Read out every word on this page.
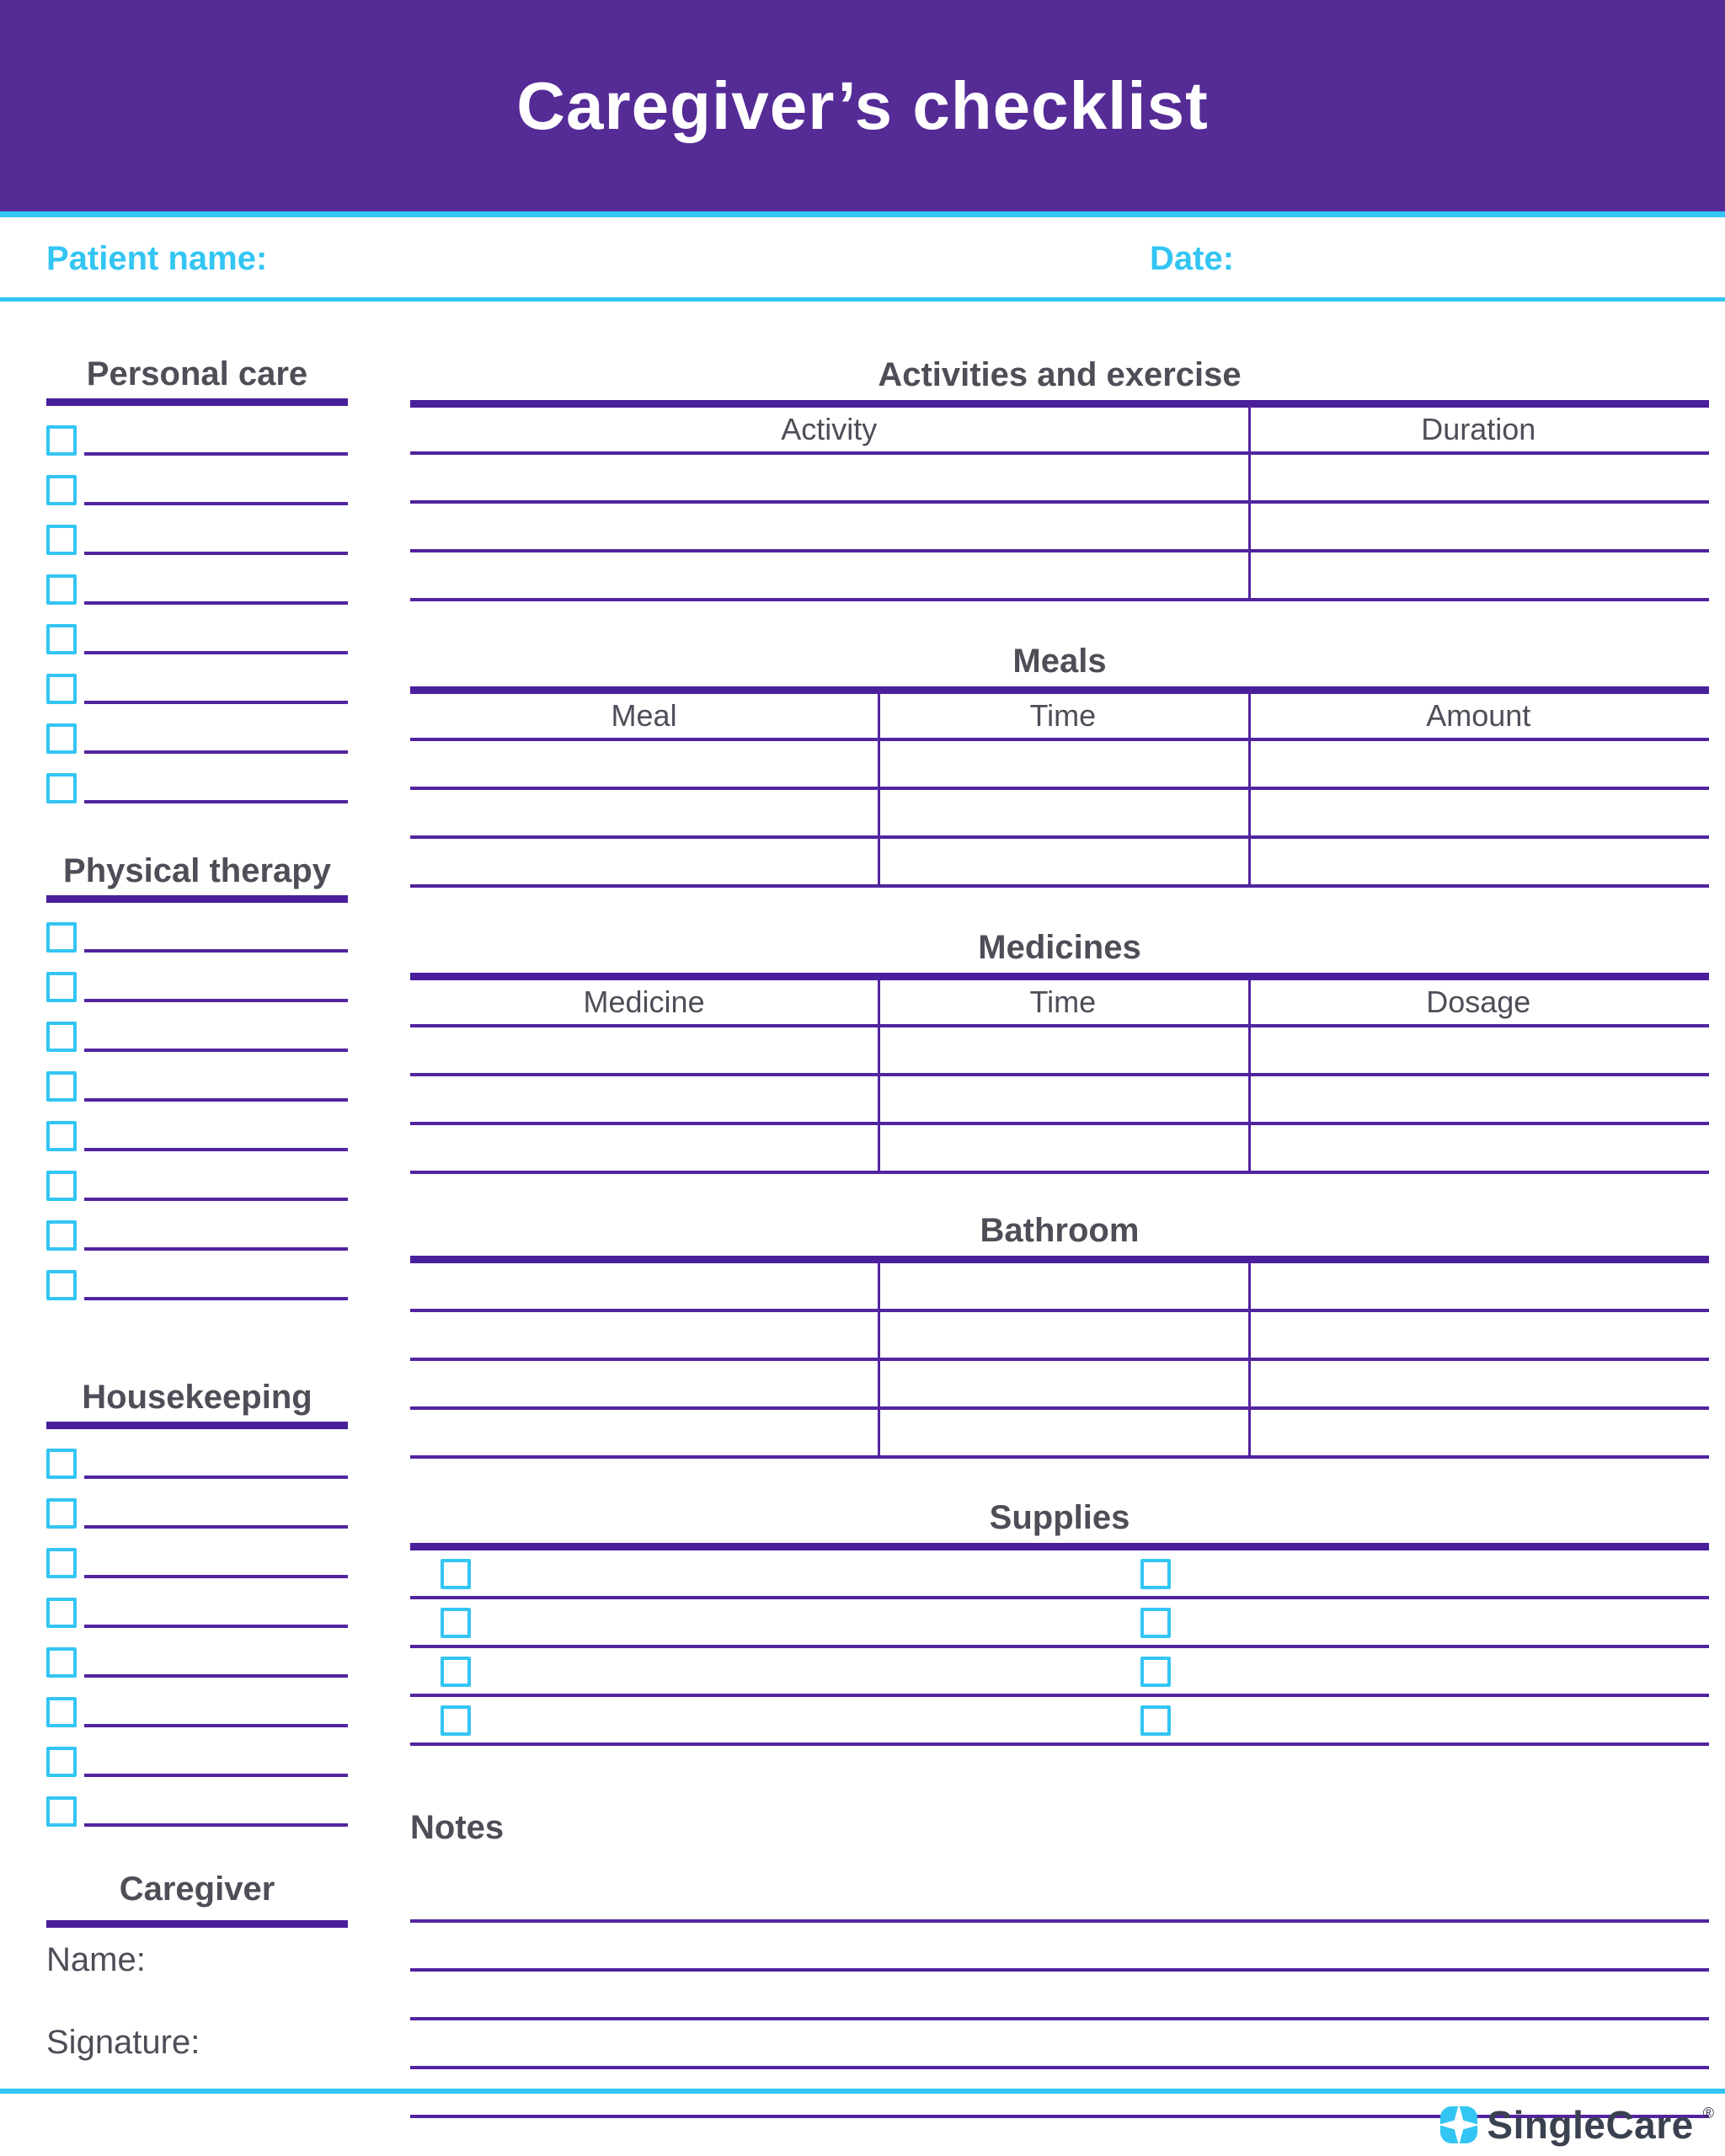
Caregiver’s checklist
Patient name:	Date:
Personal care
Physical therapy
Housekeeping
Caregiver
Name:
Signature:
Activities and exercise
Activity	Duration
Meals
Meal	Time	Amount
Medicines
Medicine	Time	Dosage
Bathroom
Supplies
Notes
SingleCare ®
